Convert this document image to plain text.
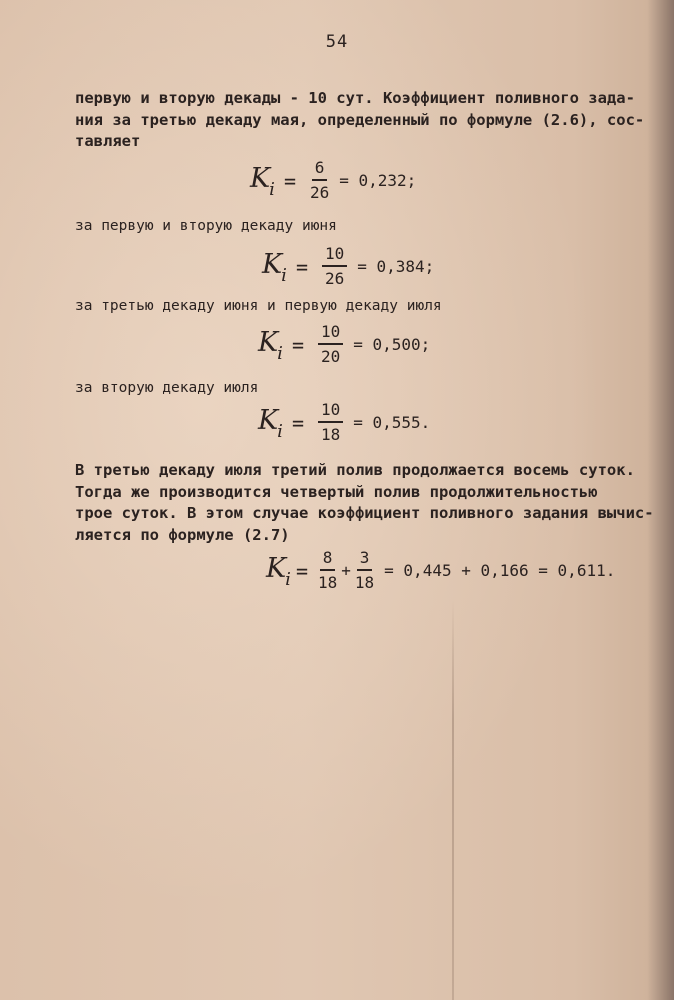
54

первую и вторую декады - 10 сут. Коэффициент поливного зада-
ния за третью декаду мая, определенный по формуле (2.6), сос-
тавляет

$K_i = \frac{6}{26} = 0,232$;

за первую и вторую декаду июня

$K_i = \frac{10}{26} = 0,384$;

за третью декаду июня и первую декаду июля

$K_i = \frac{10}{20} = 0,500$;

за вторую декаду июля

$K_i = \frac{10}{18} = 0,555$.

В третью декаду июля третий полив продолжается восемь суток.
Тогда же производится четвертый полив продолжительностью
трое суток. В этом случае коэффициент поливного задания вычис-
ляется по формуле (2.7)

$K_i = \frac{8}{18} + \frac{3}{18} = 0,445 + 0,166 = 0,611$.
